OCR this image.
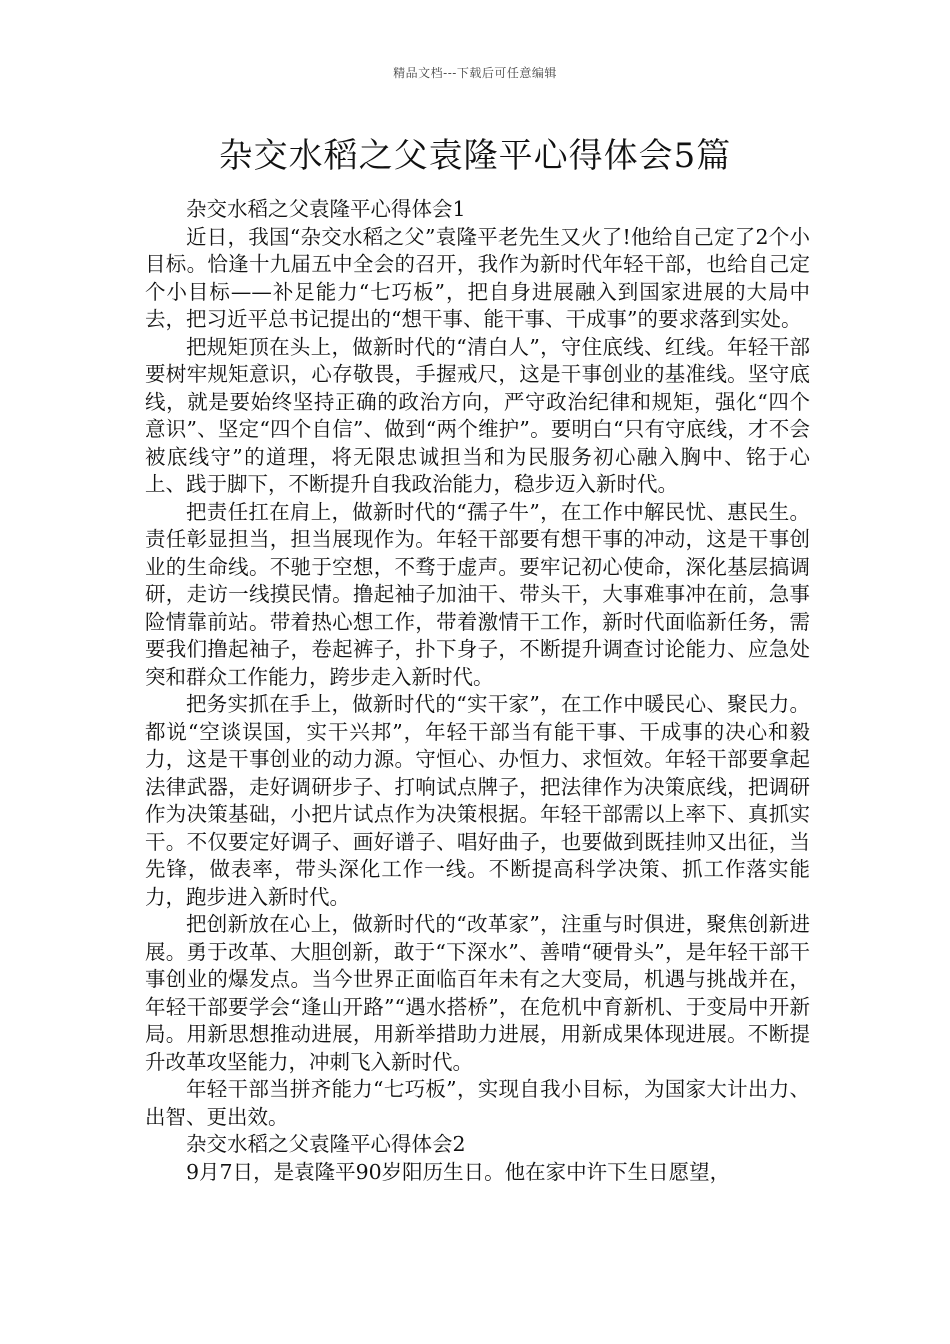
精品文档---下载后可任意编辑
杂交水稻之父袁隆平心得体会5篇

杂交水稻之父袁隆平心得体会1

近日，我国“杂交水稻之父”袁隆平老先生又火了!他给自己定了2个小目标。恰逢十九届五中全会的召开，我作为新时代年轻干部，也给自己定个小目标——补足能力“七巧板”，把自身进展融入到国家进展的大局中去，把习近平总书记提出的“想干事、能干事、干成事”的要求落到实处。

把规矩顶在头上，做新时代的“清白人”，守住底线、红线。年轻干部要树牢规矩意识，心存敬畏，手握戒尺，这是干事创业的基准线。坚守底线，就是要始终坚持正确的政治方向，严守政治纪律和规矩，强化“四个意识”、坚定“四个自信”、做到“两个维护”。要明白“只有守底线，才不会被底线守”的道理，将无限忠诚担当和为民服务初心融入胸中、铭于心上、践于脚下，不断提升自我政治能力，稳步迈入新时代。

把责任扛在肩上，做新时代的“孺子牛”，在工作中解民忧、惠民生。责任彰显担当，担当展现作为。年轻干部要有想干事的冲动，这是干事创业的生命线。不驰于空想，不骛于虚声。要牢记初心使命，深化基层搞调研，走访一线摸民情。撸起袖子加油干、带头干，大事难事冲在前，急事险情靠前站。带着热心想工作，带着激情干工作，新时代面临新任务，需要我们撸起袖子，卷起裤子，扑下身子，不断提升调查讨论能力、应急处突和群众工作能力，跨步走入新时代。

把务实抓在手上，做新时代的“实干家”，在工作中暖民心、聚民力。都说“空谈误国，实干兴邦”，年轻干部当有能干事、干成事的决心和毅力，这是干事创业的动力源。守恒心、办恒力、求恒效。年轻干部要拿起法律武器，走好调研步子、打响试点牌子，把法律作为决策底线，把调研作为决策基础，小把片试点作为决策根据。年轻干部需以上率下、真抓实干。不仅要定好调子、画好谱子、唱好曲子，也要做到既挂帅又出征，当先锋，做表率，带头深化工作一线。不断提高科学决策、抓工作落实能力，跑步进入新时代。

把创新放在心上，做新时代的“改革家”，注重与时俱进，聚焦创新进展。勇于改革、大胆创新，敢于“下深水”、善啃“硬骨头”，是年轻干部干事创业的爆发点。当今世界正面临百年未有之大变局，机遇与挑战并在，年轻干部要学会“逢山开路”“遇水搭桥”，在危机中育新机、于变局中开新局。用新思想推动进展，用新举措助力进展，用新成果体现进展。不断提升改革攻坚能力，冲刺飞入新时代。

年轻干部当拼齐能力“七巧板”，实现自我小目标，为国家大计出力、出智、更出效。

杂交水稻之父袁隆平心得体会2

9月7日，是袁隆平90岁阳历生日。他在家中许下生日愿望，
